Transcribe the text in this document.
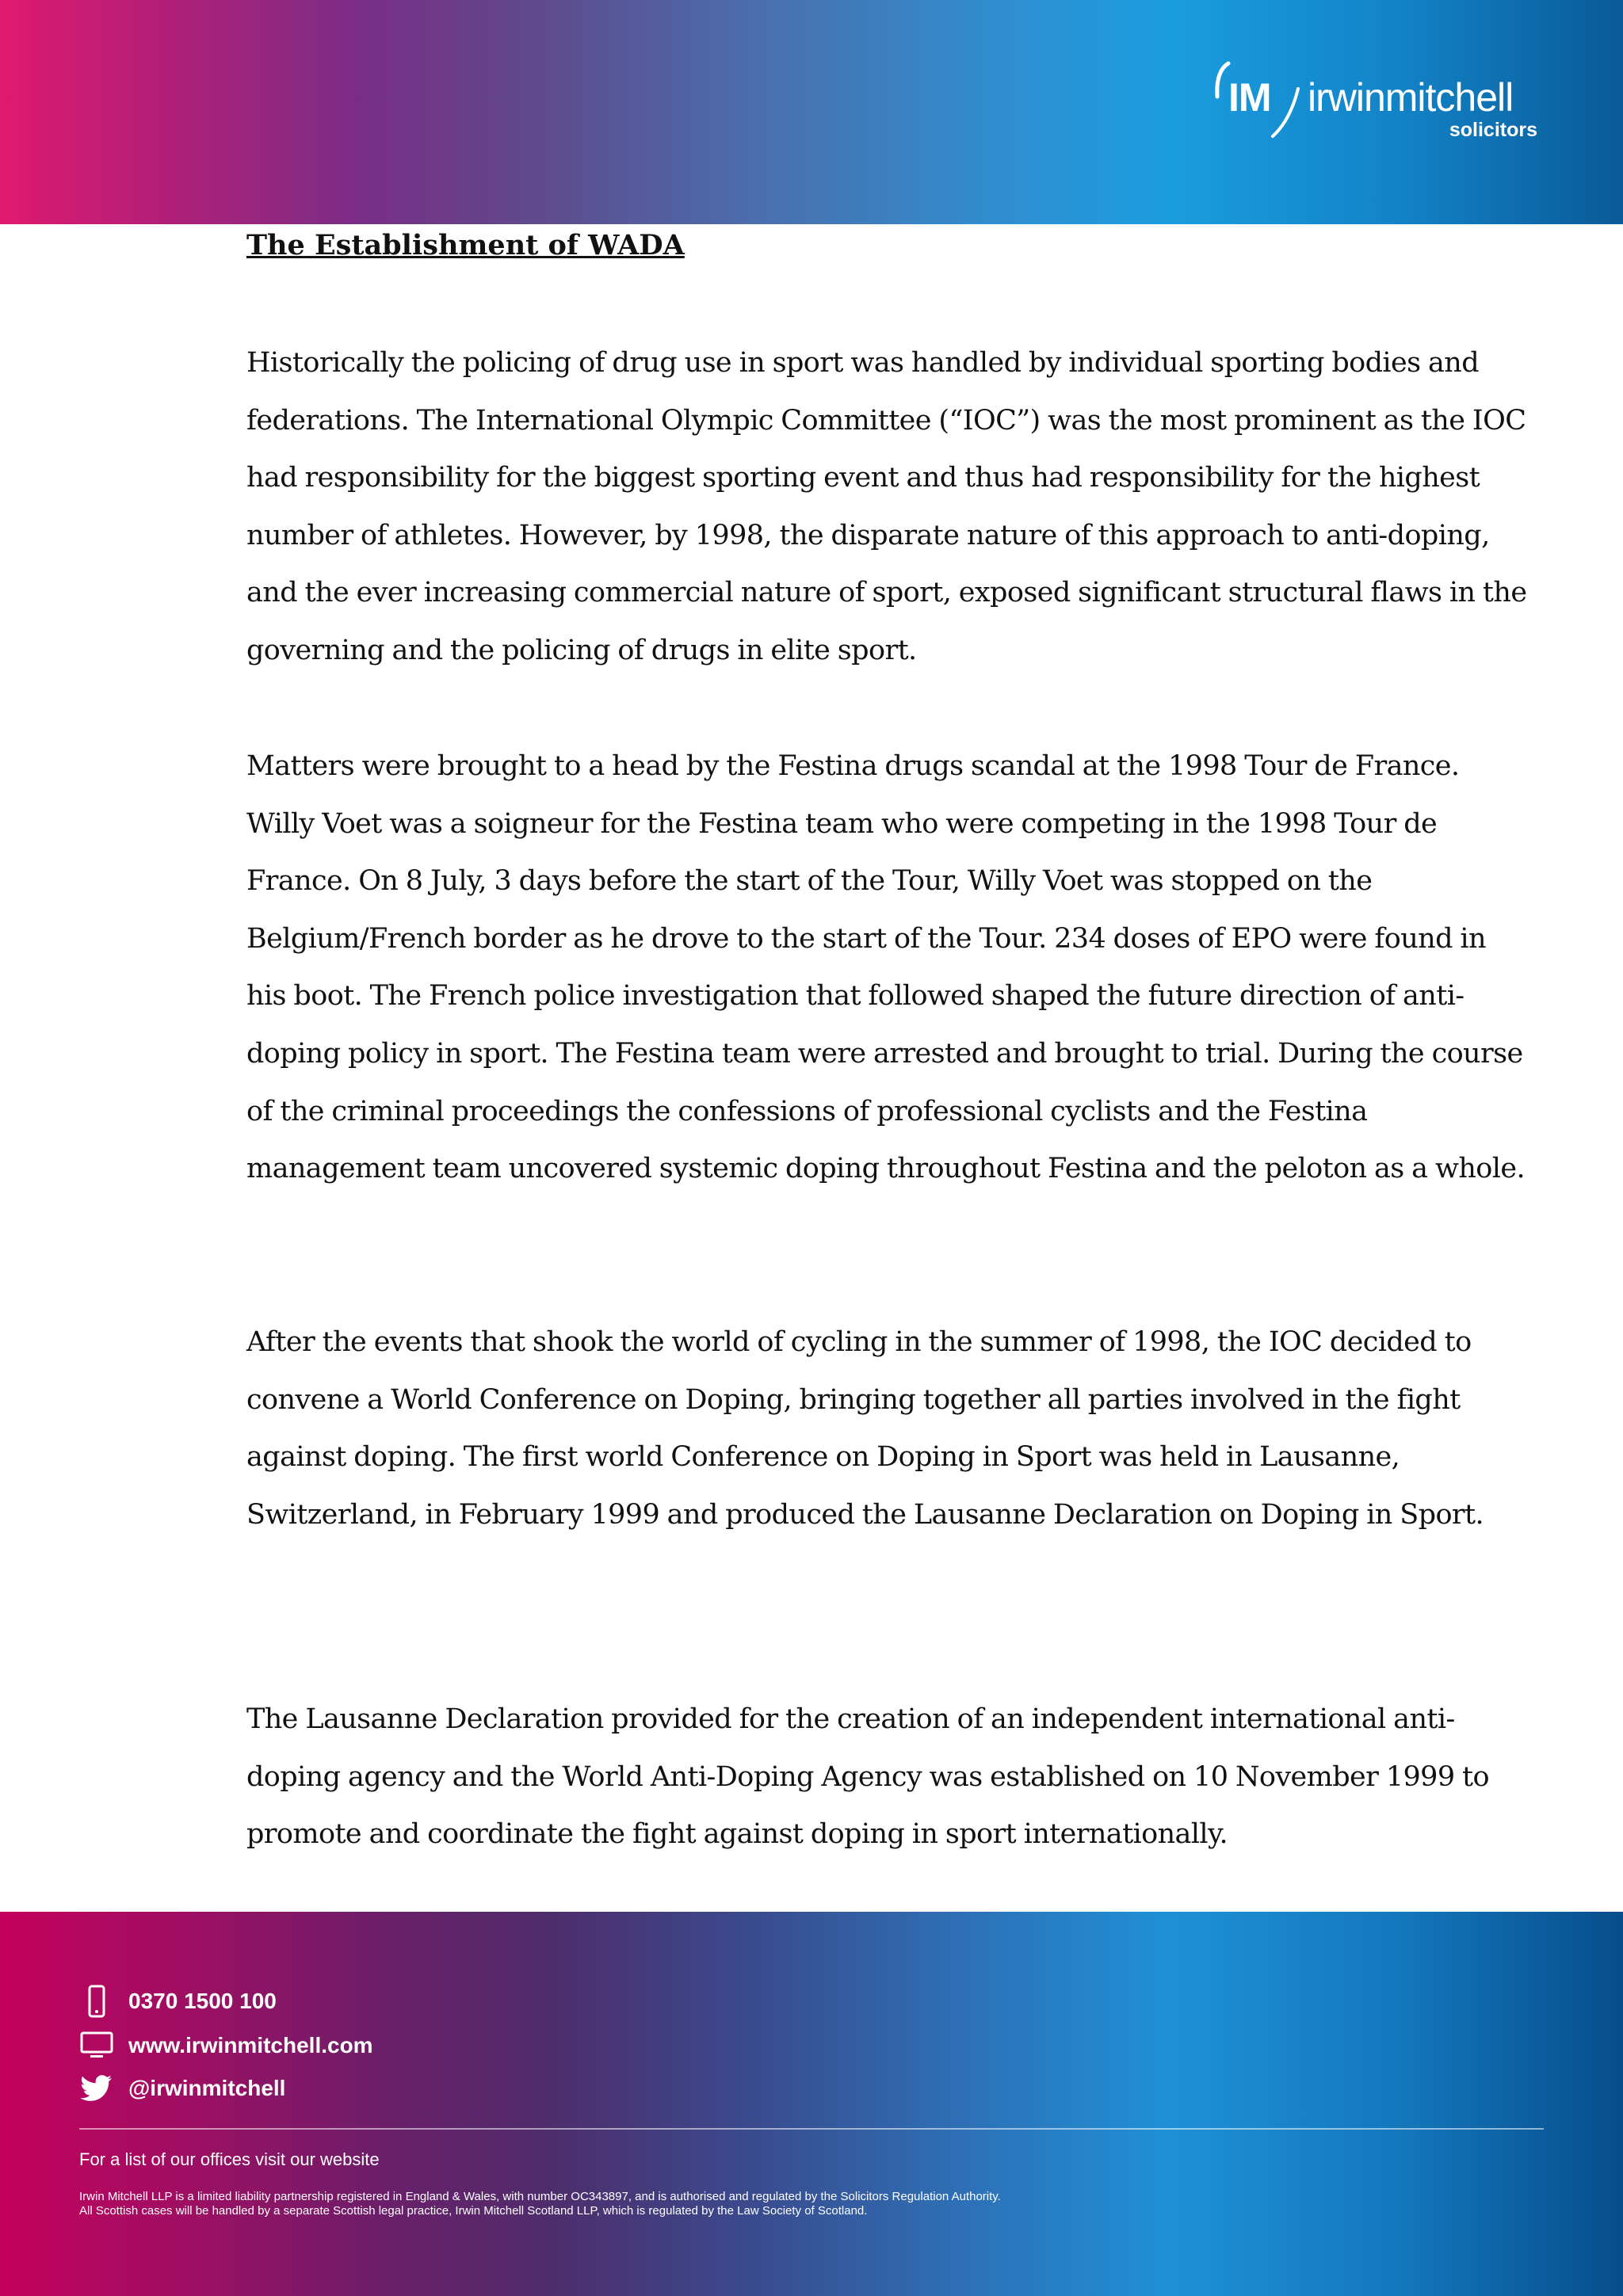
IM irwinmitchell
solicitors
The Establishment of WADA

Historically the policing of drug use in sport was handled by individual sporting bodies and federations. The International Olympic Committee (“IOC”) was the most prominent as the IOC had responsibility for the biggest sporting event and thus had responsibility for the highest number of athletes. However, by 1998, the disparate nature of this approach to anti-doping, and the ever increasing commercial nature of sport, exposed significant structural flaws in the governing and the policing of drugs in elite sport.

Matters were brought to a head by the Festina drugs scandal at the 1998 Tour de France. Willy Voet was a soigneur for the Festina team who were competing in the 1998 Tour de France. On 8 July, 3 days before the start of the Tour, Willy Voet was stopped on the Belgium/French border as he drove to the start of the Tour. 234 doses of EPO were found in his boot. The French police investigation that followed shaped the future direction of anti-doping policy in sport. The Festina team were arrested and brought to trial. During the course of the criminal proceedings the confessions of professional cyclists and the Festina management team uncovered systemic doping throughout Festina and the peloton as a whole.

After the events that shook the world of cycling in the summer of 1998, the IOC decided to convene a World Conference on Doping, bringing together all parties involved in the fight against doping. The first world Conference on Doping in Sport was held in Lausanne, Switzerland, in February 1999 and produced the Lausanne Declaration on Doping in Sport.

The Lausanne Declaration provided for the creation of an independent international anti-doping agency and the World Anti-Doping Agency was established on 10 November 1999 to promote and coordinate the fight against doping in sport internationally.

0370 1500 100
www.irwinmitchell.com
@irwinmitchell
For a list of our offices visit our website
Irwin Mitchell LLP is a limited liability partnership registered in England & Wales, with number OC343897, and is authorised and regulated by the Solicitors Regulation Authority.
All Scottish cases will be handled by a separate Scottish legal practice, Irwin Mitchell Scotland LLP, which is regulated by the Law Society of Scotland.
